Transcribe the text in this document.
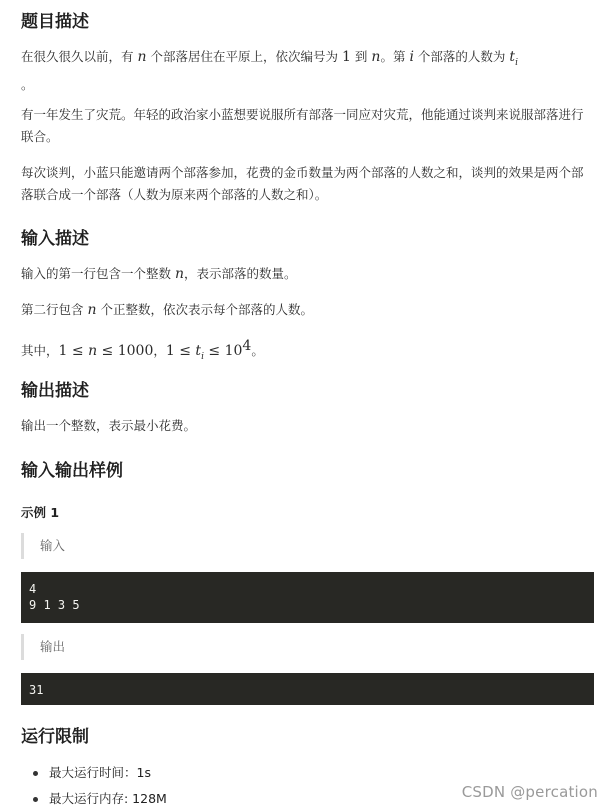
题目描述

在很久很久以前，有 n 个部落居住在平原上，依次编号为 1 到 n。第 i 个部落的人数为 $t_i$
。

有一年发生了灾荒。年轻的政治家小蓝想要说服所有部落一同应对灾荒，他能通过谈判来说服部落进行联合。

每次谈判，小蓝只能邀请两个部落参加，花费的金币数量为两个部落的人数之和，谈判的效果是两个部落联合成一个部落（人数为原来两个部落的人数之和）。

输入描述

输入的第一行包含一个整数 n，表示部落的数量。

第二行包含 n 个正整数，依次表示每个部落的人数。

其中，1 ≤ n ≤ 1000，$1 \le t_i \le 10^4$。

输出描述

输出一个整数，表示最小花费。

输入输出样例
示例 1
输入
4
9 1 3 5
输出
31
运行限制
最大运行时间：1s
最大运行内存: 128M	CSDN @percation
